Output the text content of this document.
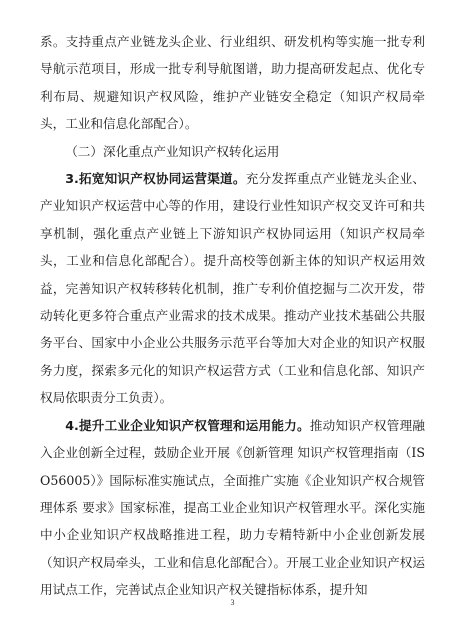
系。支持重点产业链龙头企业、行业组织、研发机构等实施一批专利导航示范项目，形成一批专利导航图谱，助力提高研发起点、优化专利布局、规避知识产权风险，维护产业链安全稳定（知识产权局牵头，工业和信息化部配合）。

（二）深化重点产业知识产权转化运用

3.拓宽知识产权协同运营渠道。充分发挥重点产业链龙头企业、产业知识产权运营中心等的作用，建设行业性知识产权交叉许可和共享机制，强化重点产业链上下游知识产权协同运用（知识产权局牵头，工业和信息化部配合）。提升高校等创新主体的知识产权运用效益，完善知识产权转移转化机制，推广专利价值挖掘与二次开发，带动转化更多符合重点产业需求的技术成果。推动产业技术基础公共服务平台、国家中小企业公共服务示范平台等加大对企业的知识产权服务力度，探索多元化的知识产权运营方式（工业和信息化部、知识产权局依职责分工负责）。

4.提升工业企业知识产权管理和运用能力。推动知识产权管理融入企业创新全过程，鼓励企业开展《创新管理 知识产权管理指南（ISO56005）》国际标准实施试点，全面推广实施《企业知识产权合规管理体系 要求》国家标准，提高工业企业知识产权管理水平。深化实施中小企业知识产权战略推进工程，助力专精特新中小企业创新发展（知识产权局牵头，工业和信息化部配合）。开展工业企业知识产权运用试点工作，完善试点企业知识产权关键指标体系，提升知

3
